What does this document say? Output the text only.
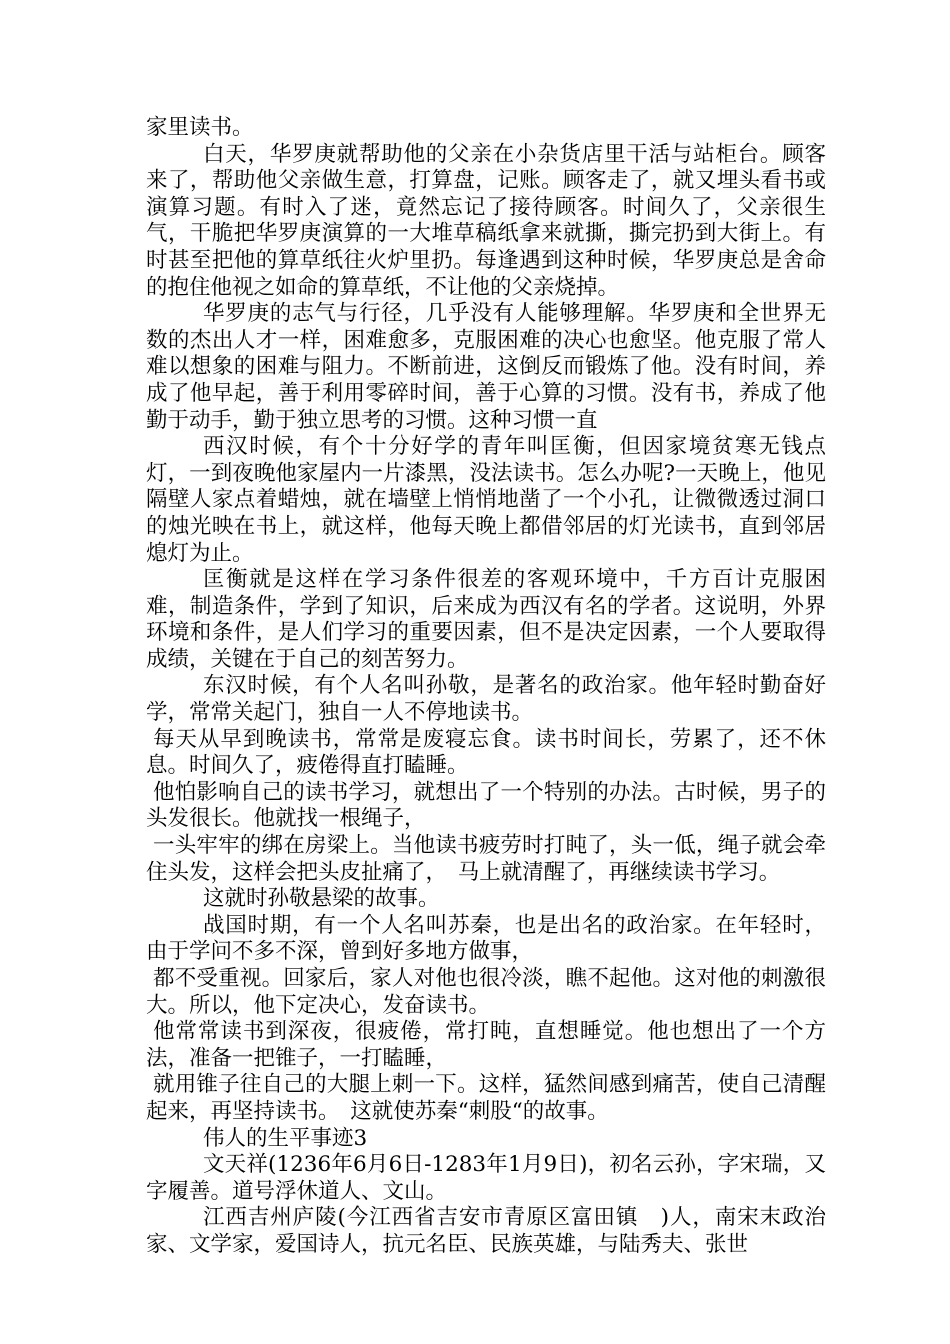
家里读书。

白天，华罗庚就帮助他的父亲在小杂货店里干活与站柜台。顾客来了，帮助他父亲做生意，打算盘，记账。顾客走了，就又埋头看书或演算习题。有时入了迷，竟然忘记了接待顾客。时间久了，父亲很生气，干脆把华罗庚演算的一大堆草稿纸拿来就撕，撕完扔到大街上。有时甚至把他的算草纸往火炉里扔。每逢遇到这种时候，华罗庚总是舍命的抱住他视之如命的算草纸，不让他的父亲烧掉。

华罗庚的志气与行径，几乎没有人能够理解。华罗庚和全世界无数的杰出人才一样，困难愈多，克服困难的决心也愈坚。他克服了常人难以想象的困难与阻力。不断前进，这倒反而锻炼了他。没有时间，养成了他早起，善于利用零碎时间，善于心算的习惯。没有书，养成了他勤于动手，勤于独立思考的习惯。这种习惯一直

西汉时候，有个十分好学的青年叫匡衡，但因家境贫寒无钱点灯，一到夜晚他家屋内一片漆黑，没法读书。怎么办呢?一天晚上，他见隔壁人家点着蜡烛，就在墙壁上悄悄地凿了一个小孔，让微微透过洞口的烛光映在书上，就这样，他每天晚上都借邻居的灯光读书，直到邻居熄灯为止。

匡衡就是这样在学习条件很差的客观环境中，千方百计克服困难，制造条件，学到了知识，后来成为西汉有名的学者。这说明，外界环境和条件，是人们学习的重要因素，但不是决定因素，一个人要取得成绩，关键在于自己的刻苦努力。

东汉时候，有个人名叫孙敬，是著名的政治家。他年轻时勤奋好学，常常关起门，独自一人不停地读书。

每天从早到晚读书，常常是废寝忘食。读书时间长，劳累了，还不休息。时间久了，疲倦得直打瞌睡。

他怕影响自己的读书学习，就想出了一个特别的办法。古时候，男子的头发很长。他就找一根绳子，

一头牢牢的绑在房梁上。当他读书疲劳时打盹了，头一低，绳子就会牵住头发，这样会把头皮扯痛了，　马上就清醒了，再继续读书学习。

这就时孙敬悬梁的故事。

战国时期，有一个人名叫苏秦，也是出名的政治家。在年轻时，由于学问不多不深，曾到好多地方做事，

都不受重视。回家后，家人对他也很冷淡，瞧不起他。这对他的刺激很大。所以，他下定决心，发奋读书。

他常常读书到深夜，很疲倦，常打盹，直想睡觉。他也想出了一个方法，准备一把锥子，一打瞌睡，

就用锥子往自己的大腿上刺一下。这样，猛然间感到痛苦，使自己清醒起来，再坚持读书。　这就使苏秦“刺股“的故事。

伟人的生平事迹3

文天祥(1236年6月6日-1283年1月9日)，初名云孙，字宋瑞，又字履善。道号浮休道人、文山。

江西吉州庐陵(今江西省吉安市青原区富田镇　)人，南宋末政治家、文学家，爱国诗人，抗元名臣、民族英雄，与陆秀夫、张世
